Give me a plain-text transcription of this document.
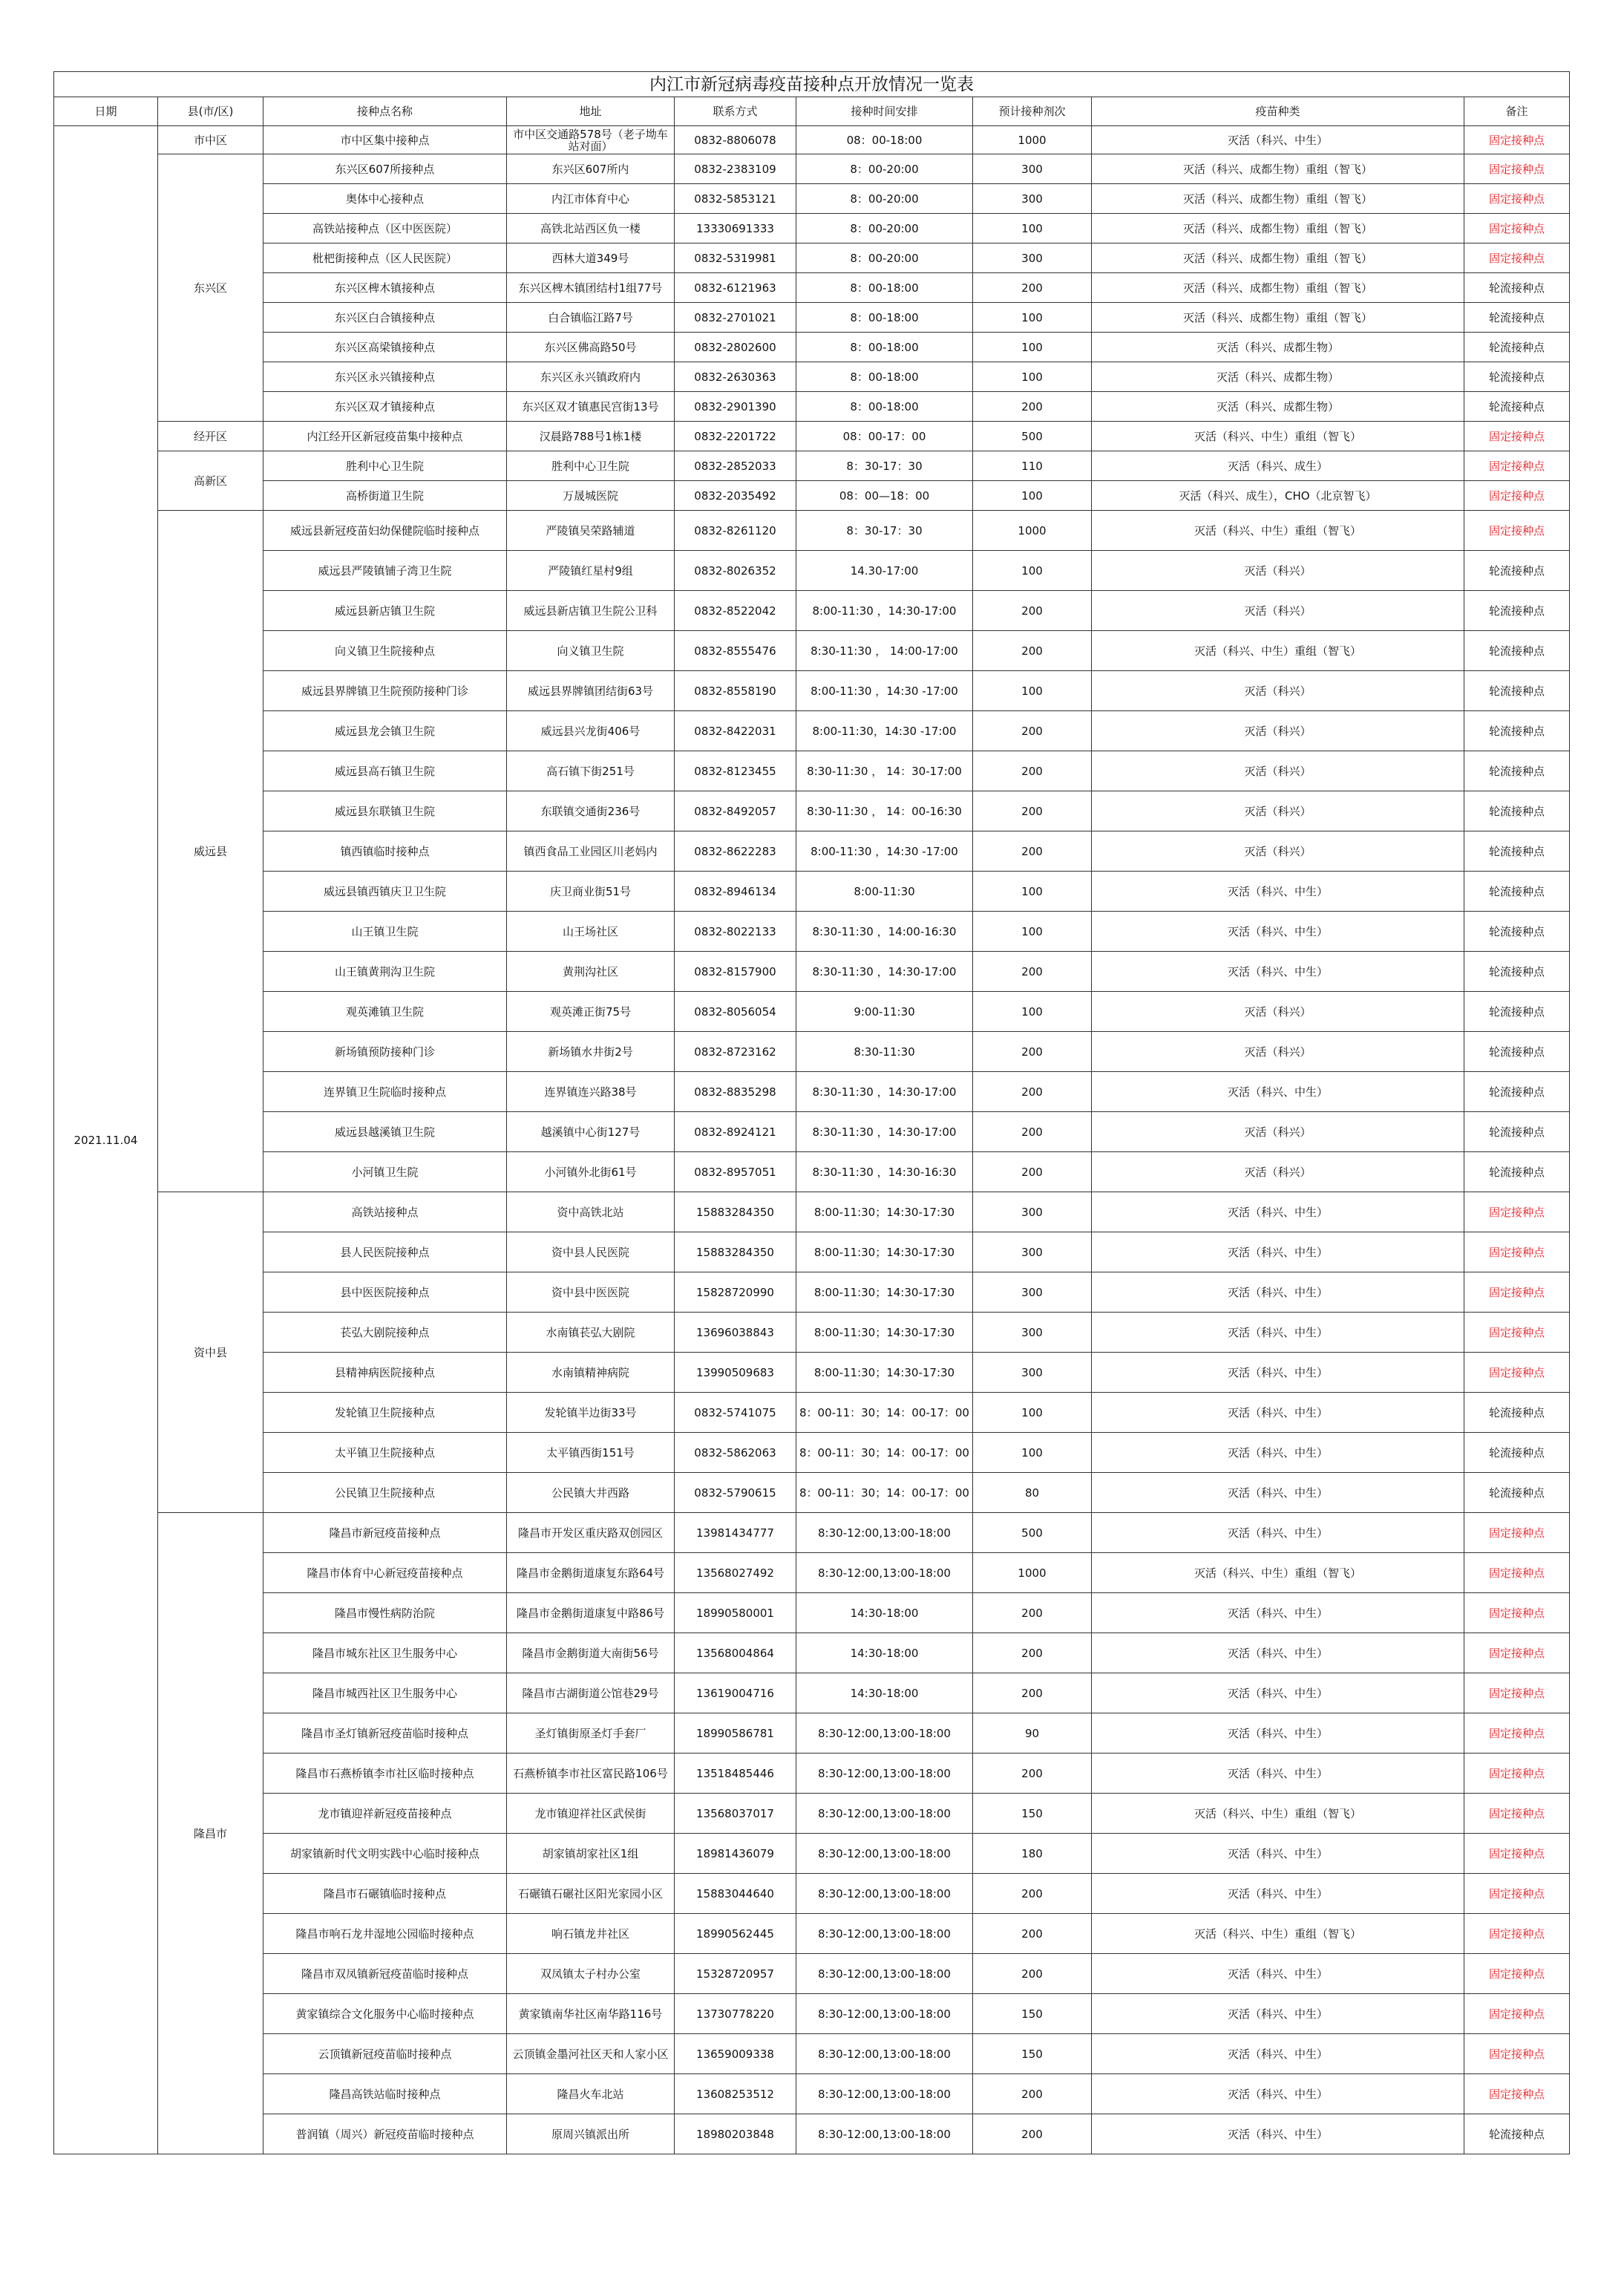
内江市新冠病毒疫苗接种点开放情况一览表								
日期	县(市/区)	接种点名称	地址	联系方式	接种时间安排	预计接种剂次	疫苗种类	备注
2021.11.04	市中区	市中区集中接种点	市中区交通路578号（老子坳车站对面）	0832-8806078	08：00-18:00	1000	灭活（科兴、中生）	固定接种点
	东兴区	东兴区607所接种点	东兴区607所内	0832-2383109	8：00-20:00	300	灭活（科兴、成都生物）重组（智飞）	固定接种点
		奥体中心接种点	内江市体育中心	0832-5853121	8：00-20:00	300	灭活（科兴、成都生物）重组（智飞）	固定接种点
		高铁站接种点（区中医医院）	高铁北站西区负一楼	13330691333	8：00-20:00	100	灭活（科兴、成都生物）重组（智飞）	固定接种点
		枇杷街接种点（区人民医院）	西林大道349号	0832-5319981	8：00-20:00	300	灭活（科兴、成都生物）重组（智飞）	固定接种点
		东兴区椑木镇接种点	东兴区椑木镇团结村1组77号	0832-6121963	8：00-18:00	200	灭活（科兴、成都生物）重组（智飞）	轮流接种点
		东兴区白合镇接种点	白合镇临江路7号	0832-2701021	8：00-18:00	100	灭活（科兴、成都生物）重组（智飞）	轮流接种点
		东兴区高梁镇接种点	东兴区佛高路50号	0832-2802600	8：00-18:00	100	灭活（科兴、成都生物）	轮流接种点
		东兴区永兴镇接种点	东兴区永兴镇政府内	0832-2630363	8：00-18:00	100	灭活（科兴、成都生物）	轮流接种点
		东兴区双才镇接种点	东兴区双才镇惠民宫街13号	0832-2901390	8：00-18:00	200	灭活（科兴、成都生物）	轮流接种点
	经开区	内江经开区新冠疫苗集中接种点	汉晨路788号1栋1楼	0832-2201722	08：00-17：00	500	灭活（科兴、中生）重组（智飞）	固定接种点
	高新区	胜利中心卫生院	胜利中心卫生院	0832-2852033	8：30-17：30	110	灭活（科兴、成生）	固定接种点
		高桥街道卫生院	万晟城医院	0832-2035492	08：00—18：00	100	灭活（科兴、成生），CHO（北京智飞）	固定接种点
	威远县	威远县新冠疫苗妇幼保健院临时接种点	严陵镇吴荣路辅道	0832-8261120	8：30-17：30	1000	灭活（科兴、中生）重组（智飞）	固定接种点
		威远县严陵镇铺子湾卫生院	严陵镇红星村9组	0832-8026352	14.30-17:00	100	灭活（科兴）	轮流接种点
		威远县新店镇卫生院	威远县新店镇卫生院公卫科	0832-8522042	8:00-11:30 ，14:30-17:00	200	灭活（科兴）	轮流接种点
		向义镇卫生院接种点	向义镇卫生院	0832-8555476	8:30-11:30 ， 14:00-17:00	200	灭活（科兴、中生）重组（智飞）	轮流接种点
		威远县界牌镇卫生院预防接种门诊	威远县界牌镇团结街63号	0832-8558190	8:00-11:30 ，14:30 -17:00	100	灭活（科兴）	轮流接种点
		威远县龙会镇卫生院	威远县兴龙街406号	0832-8422031	8:00-11:30，14:30 -17:00	200	灭活（科兴）	轮流接种点
		威远县高石镇卫生院	高石镇下街251号	0832-8123455	8:30-11:30 ， 14：30-17:00	200	灭活（科兴）	轮流接种点
		威远县东联镇卫生院	东联镇交通街236号	0832-8492057	8:30-11:30 ， 14：00-16:30	200	灭活（科兴）	轮流接种点
		镇西镇临时接种点	镇西食品工业园区川老妈内	0832-8622283	8:00-11:30 ，14:30 -17:00	200	灭活（科兴）	轮流接种点
		威远县镇西镇庆卫卫生院	庆卫商业街51号	0832-8946134	8:00-11:30	100	灭活（科兴、中生）	轮流接种点
		山王镇卫生院	山王场社区	0832-8022133	8:30-11:30 ，14:00-16:30	100	灭活（科兴、中生）	轮流接种点
		山王镇黄荆沟卫生院	黄荆沟社区	0832-8157900	8:30-11:30 ，14:30-17:00	200	灭活（科兴、中生）	轮流接种点
		观英滩镇卫生院	观英滩正街75号	0832-8056054	9:00-11:30	100	灭活（科兴）	轮流接种点
		新场镇预防接种门诊	新场镇水井街2号	0832-8723162	8:30-11:30	200	灭活（科兴）	轮流接种点
		连界镇卫生院临时接种点	连界镇连兴路38号	0832-8835298	8:30-11:30 ，14:30-17:00	200	灭活（科兴、中生）	轮流接种点
		威远县越溪镇卫生院	越溪镇中心街127号	0832-8924121	8:30-11:30 ，14:30-17:00	200	灭活（科兴）	轮流接种点
		小河镇卫生院	小河镇外北街61号	0832-8957051	8:30-11:30 ，14:30-16:30	200	灭活（科兴）	轮流接种点
	资中县	高铁站接种点	资中高铁北站	15883284350	8:00-11:30；14:30-17:30	300	灭活（科兴、中生）	固定接种点
		县人民医院接种点	资中县人民医院	15883284350	8:00-11:30；14:30-17:30	300	灭活（科兴、中生）	固定接种点
		县中医医院接种点	资中县中医医院	15828720990	8:00-11:30；14:30-17:30	300	灭活（科兴、中生）	固定接种点
		苌弘大剧院接种点	水南镇苌弘大剧院	13696038843	8:00-11:30；14:30-17:30	300	灭活（科兴、中生）	固定接种点
		县精神病医院接种点	水南镇精神病院	13990509683	8:00-11:30；14:30-17:30	300	灭活（科兴、中生）	固定接种点
		发轮镇卫生院接种点	发轮镇半边街33号	0832-5741075	8：00-11：30；14：00-17：00	100	灭活（科兴、中生）	轮流接种点
		太平镇卫生院接种点	太平镇西街151号	0832-5862063	8：00-11：30；14：00-17：00	100	灭活（科兴、中生）	轮流接种点
		公民镇卫生院接种点	公民镇大井西路	0832-5790615	8：00-11：30；14：00-17：00	80	灭活（科兴、中生）	轮流接种点
	隆昌市	隆昌市新冠疫苗接种点	隆昌市开发区重庆路双创园区	13981434777	8:30-12:00,13:00-18:00	500	灭活（科兴、中生）	固定接种点
		隆昌市体育中心新冠疫苗接种点	隆昌市金鹅街道康复东路64号	13568027492	8:30-12:00,13:00-18:00	1000	灭活（科兴、中生）重组（智飞）	固定接种点
		隆昌市慢性病防治院	隆昌市金鹅街道康复中路86号	18990580001	14:30-18:00	200	灭活（科兴、中生）	固定接种点
		隆昌市城东社区卫生服务中心	隆昌市金鹅街道大南街56号	13568004864	14:30-18:00	200	灭活（科兴、中生）	固定接种点
		隆昌市城西社区卫生服务中心	隆昌市古湖街道公馆巷29号	13619004716	14:30-18:00	200	灭活（科兴、中生）	固定接种点
		隆昌市圣灯镇新冠疫苗临时接种点	圣灯镇街原圣灯手套厂	18990586781	8:30-12:00,13:00-18:00	90	灭活（科兴、中生）	固定接种点
		隆昌市石燕桥镇李市社区临时接种点	石燕桥镇李市社区富民路106号	13518485446	8:30-12:00,13:00-18:00	200	灭活（科兴、中生）	固定接种点
		龙市镇迎祥新冠疫苗接种点	龙市镇迎祥社区武侯街	13568037017	8:30-12:00,13:00-18:00	150	灭活（科兴、中生）重组（智飞）	固定接种点
		胡家镇新时代文明实践中心临时接种点	胡家镇胡家社区1组	18981436079	8:30-12:00,13:00-18:00	180	灭活（科兴、中生）	固定接种点
		隆昌市石碾镇临时接种点	石碾镇石碾社区阳光家园小区	15883044640	8:30-12:00,13:00-18:00	200	灭活（科兴、中生）	固定接种点
		隆昌市响石龙井湿地公园临时接种点	响石镇龙井社区	18990562445	8:30-12:00,13:00-18:00	200	灭活（科兴、中生）重组（智飞）	固定接种点
		隆昌市双凤镇新冠疫苗临时接种点	双凤镇太子村办公室	15328720957	8:30-12:00,13:00-18:00	200	灭活（科兴、中生）	固定接种点
		黄家镇综合文化服务中心临时接种点	黄家镇南华社区南华路116号	13730778220	8:30-12:00,13:00-18:00	150	灭活（科兴、中生）	固定接种点
		云顶镇新冠疫苗临时接种点	云顶镇金墨河社区天和人家小区	13659009338	8:30-12:00,13:00-18:00	150	灭活（科兴、中生）	固定接种点
		隆昌高铁站临时接种点	隆昌火车北站	13608253512	8:30-12:00,13:00-18:00	200	灭活（科兴、中生）	固定接种点
		普润镇（周兴）新冠疫苗临时接种点	原周兴镇派出所	18980203848	8:30-12:00,13:00-18:00	200	灭活（科兴、中生）	轮流接种点
